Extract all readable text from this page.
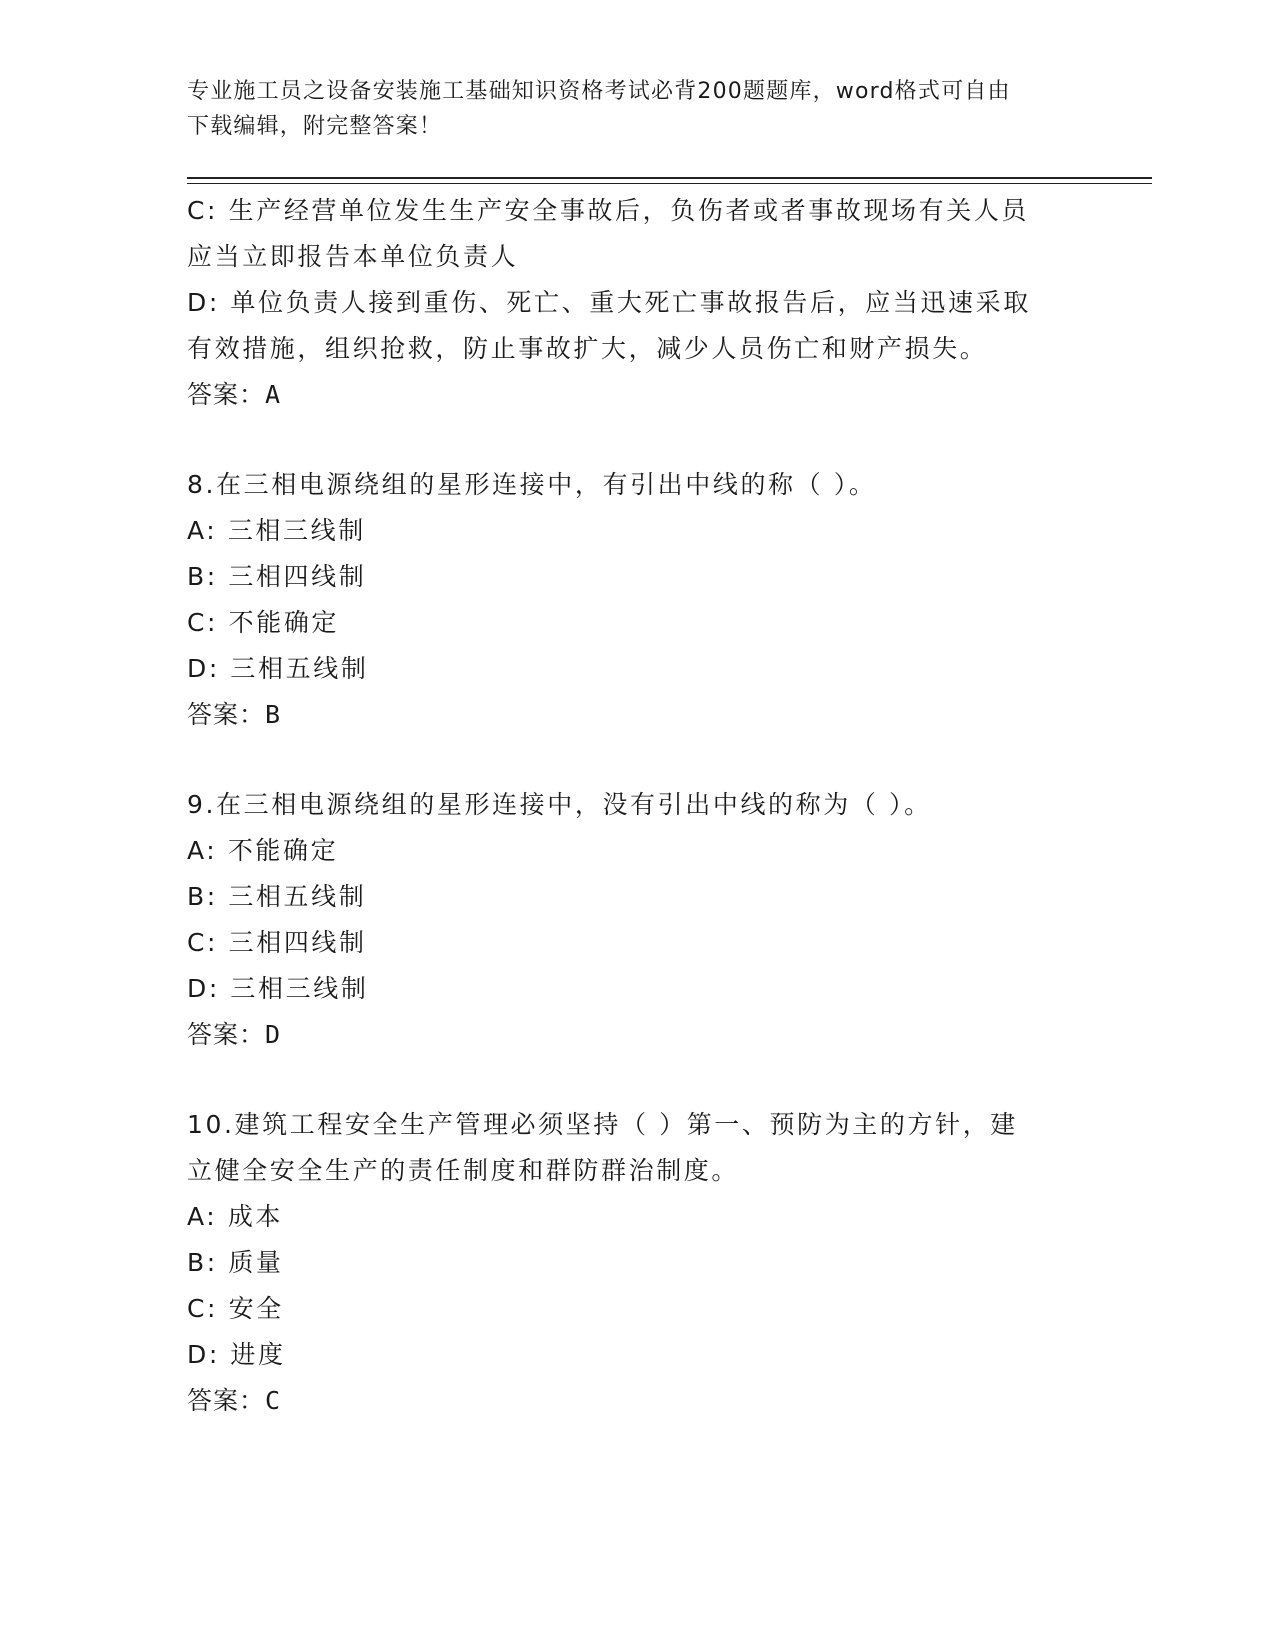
专业施工员之设备安装施工基础知识资格考试必背200题题库，word格式可自由
下载编辑，附完整答案！
C: 生产经营单位发生生产安全事故后，负伤者或者事故现场有关人员
应当立即报告本单位负责人
D: 单位负责人接到重伤、死亡、重大死亡事故报告后，应当迅速采取
有效措施，组织抢救，防止事故扩大，减少人员伤亡和财产损失。
答案：A
8.在三相电源绕组的星形连接中，有引出中线的称（ ）。
A: 三相三线制
B: 三相四线制
C: 不能确定
D: 三相五线制
答案：B
9.在三相电源绕组的星形连接中，没有引出中线的称为（ ）。
A: 不能确定
B: 三相五线制
C: 三相四线制
D: 三相三线制
答案：D
10.建筑工程安全生产管理必须坚持（ ）第一、预防为主的方针，建
立健全安全生产的责任制度和群防群治制度。
A: 成本
B: 质量
C: 安全
D: 进度
答案：C
